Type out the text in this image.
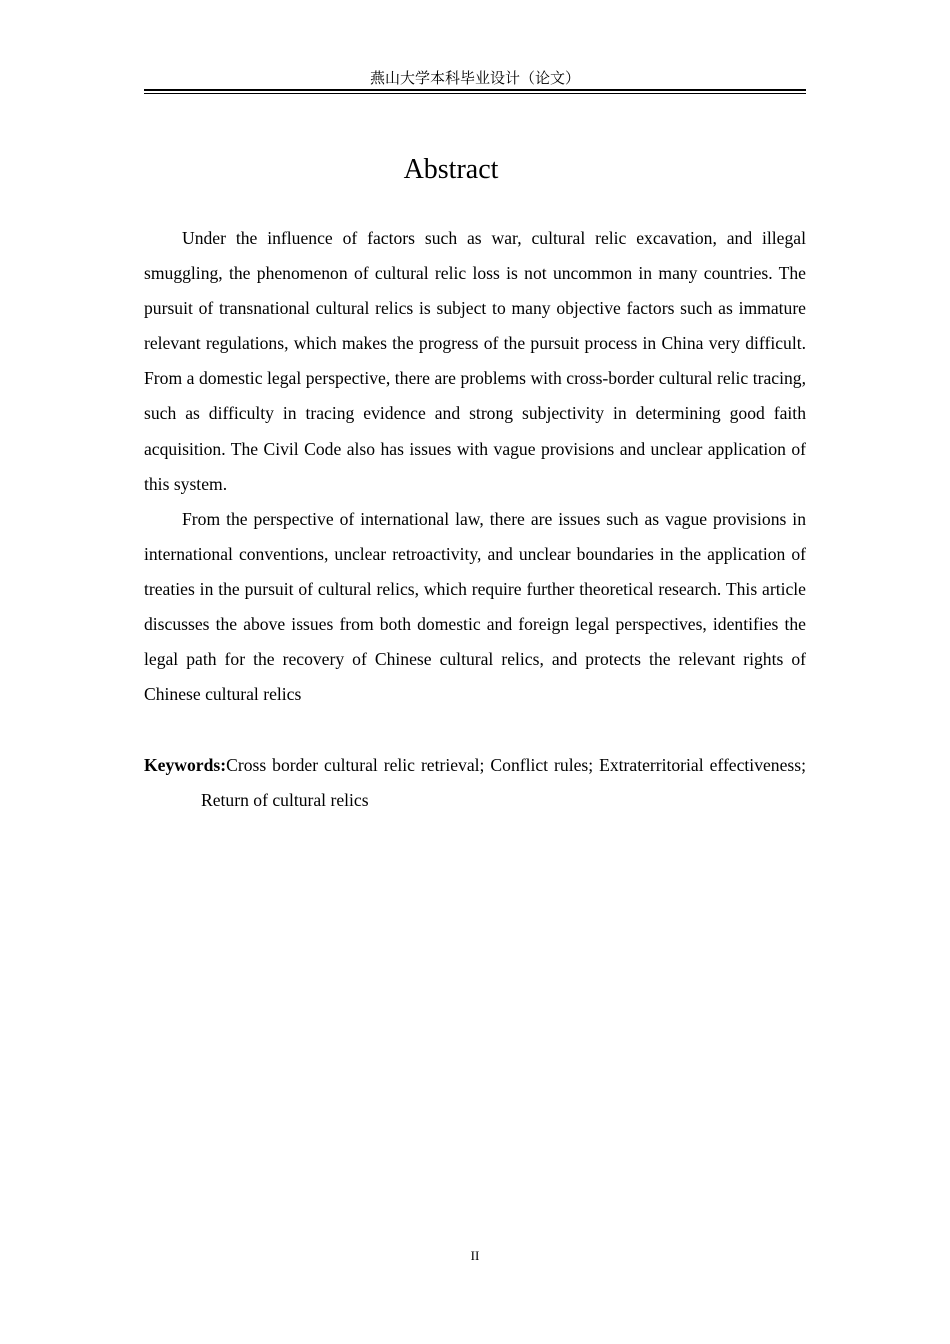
燕山大学本科毕业设计（论文）
Abstract

Under the influence of factors such as war, cultural relic excavation, and illegal smuggling, the phenomenon of cultural relic loss is not uncommon in many countries. The pursuit of transnational cultural relics is subject to many objective factors such as immature relevant regulations, which makes the progress of the pursuit process in China very difficult. From a domestic legal perspective, there are problems with cross-border cultural relic tracing, such as difficulty in tracing evidence and strong subjectivity in determining good faith acquisition. The Civil Code also has issues with vague provisions and unclear application of this system.

From the perspective of international law, there are issues such as vague provisions in international conventions, unclear retroactivity, and unclear boundaries in the application of treaties in the pursuit of cultural relics, which require further theoretical research. This article discusses the above issues from both domestic and foreign legal perspectives, identifies the legal path for the recovery of Chinese cultural relics, and protects the relevant rights of Chinese cultural relics

Keywords:Cross border cultural relic retrieval; Conflict rules; Extraterritorial effectiveness; Return of cultural relics

II
